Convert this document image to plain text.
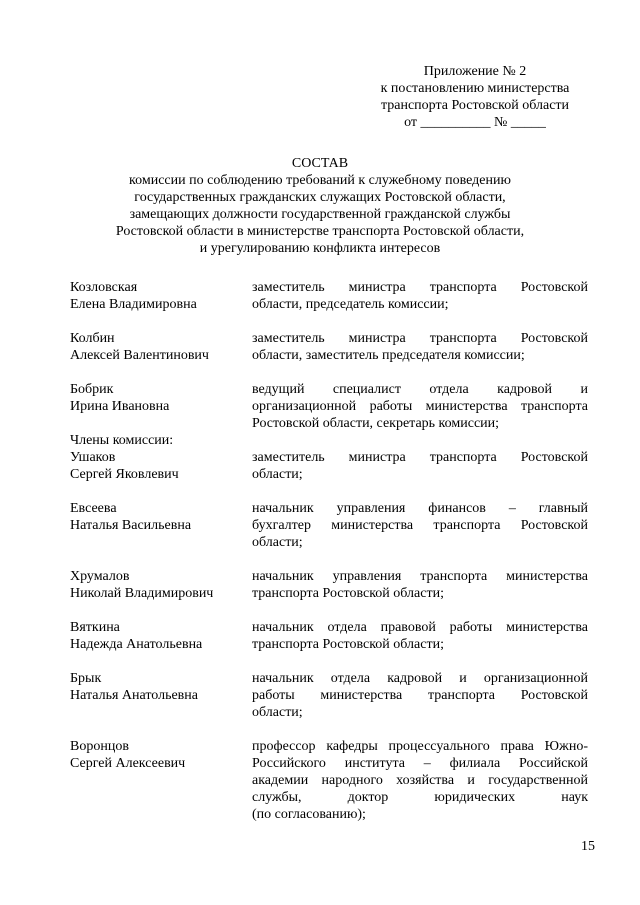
Приложение № 2
к постановлению министерства
транспорта Ростовской области
от __________ № _____
СОСТАВ
комиссии по соблюдению требований к служебному поведению
государственных гражданских служащих Ростовской области,
замещающих должности государственной гражданской службы
Ростовской области в министерстве транспорта Ростовской области,
и урегулированию конфликта интересов
Козловская
Елена Владимировна
заместитель министра транспорта Ростовской
области, председатель комиссии;
Колбин
Алексей Валентинович
заместитель министра транспорта Ростовской
области, заместитель председателя комиссии;
Бобрик
Ирина Ивановна
ведущий специалист отдела кадровой и
организационной работы министерства транспорта
Ростовской области, секретарь комиссии;
Члены комиссии:
Ушаков
Сергей Яковлевич
заместитель министра транспорта Ростовской
области;
Евсеева
Наталья Васильевна
начальник управления финансов – главный
бухгалтер министерства транспорта Ростовской
области;
Хрумалов
Николай Владимирович
начальник управления транспорта министерства
транспорта Ростовской области;
Вяткина
Надежда Анатольевна
начальник отдела правовой работы министерства
транспорта Ростовской области;
Брык
Наталья Анатольевна
начальник отдела кадровой и организационной
работы министерства транспорта Ростовской
области;
Воронцов
Сергей Алексеевич
профессор кафедры процессуального права Южно-
Российского института – филиала Российской
академии народного хозяйства и государственной
службы, доктор юридических наук
(по согласованию);
15
